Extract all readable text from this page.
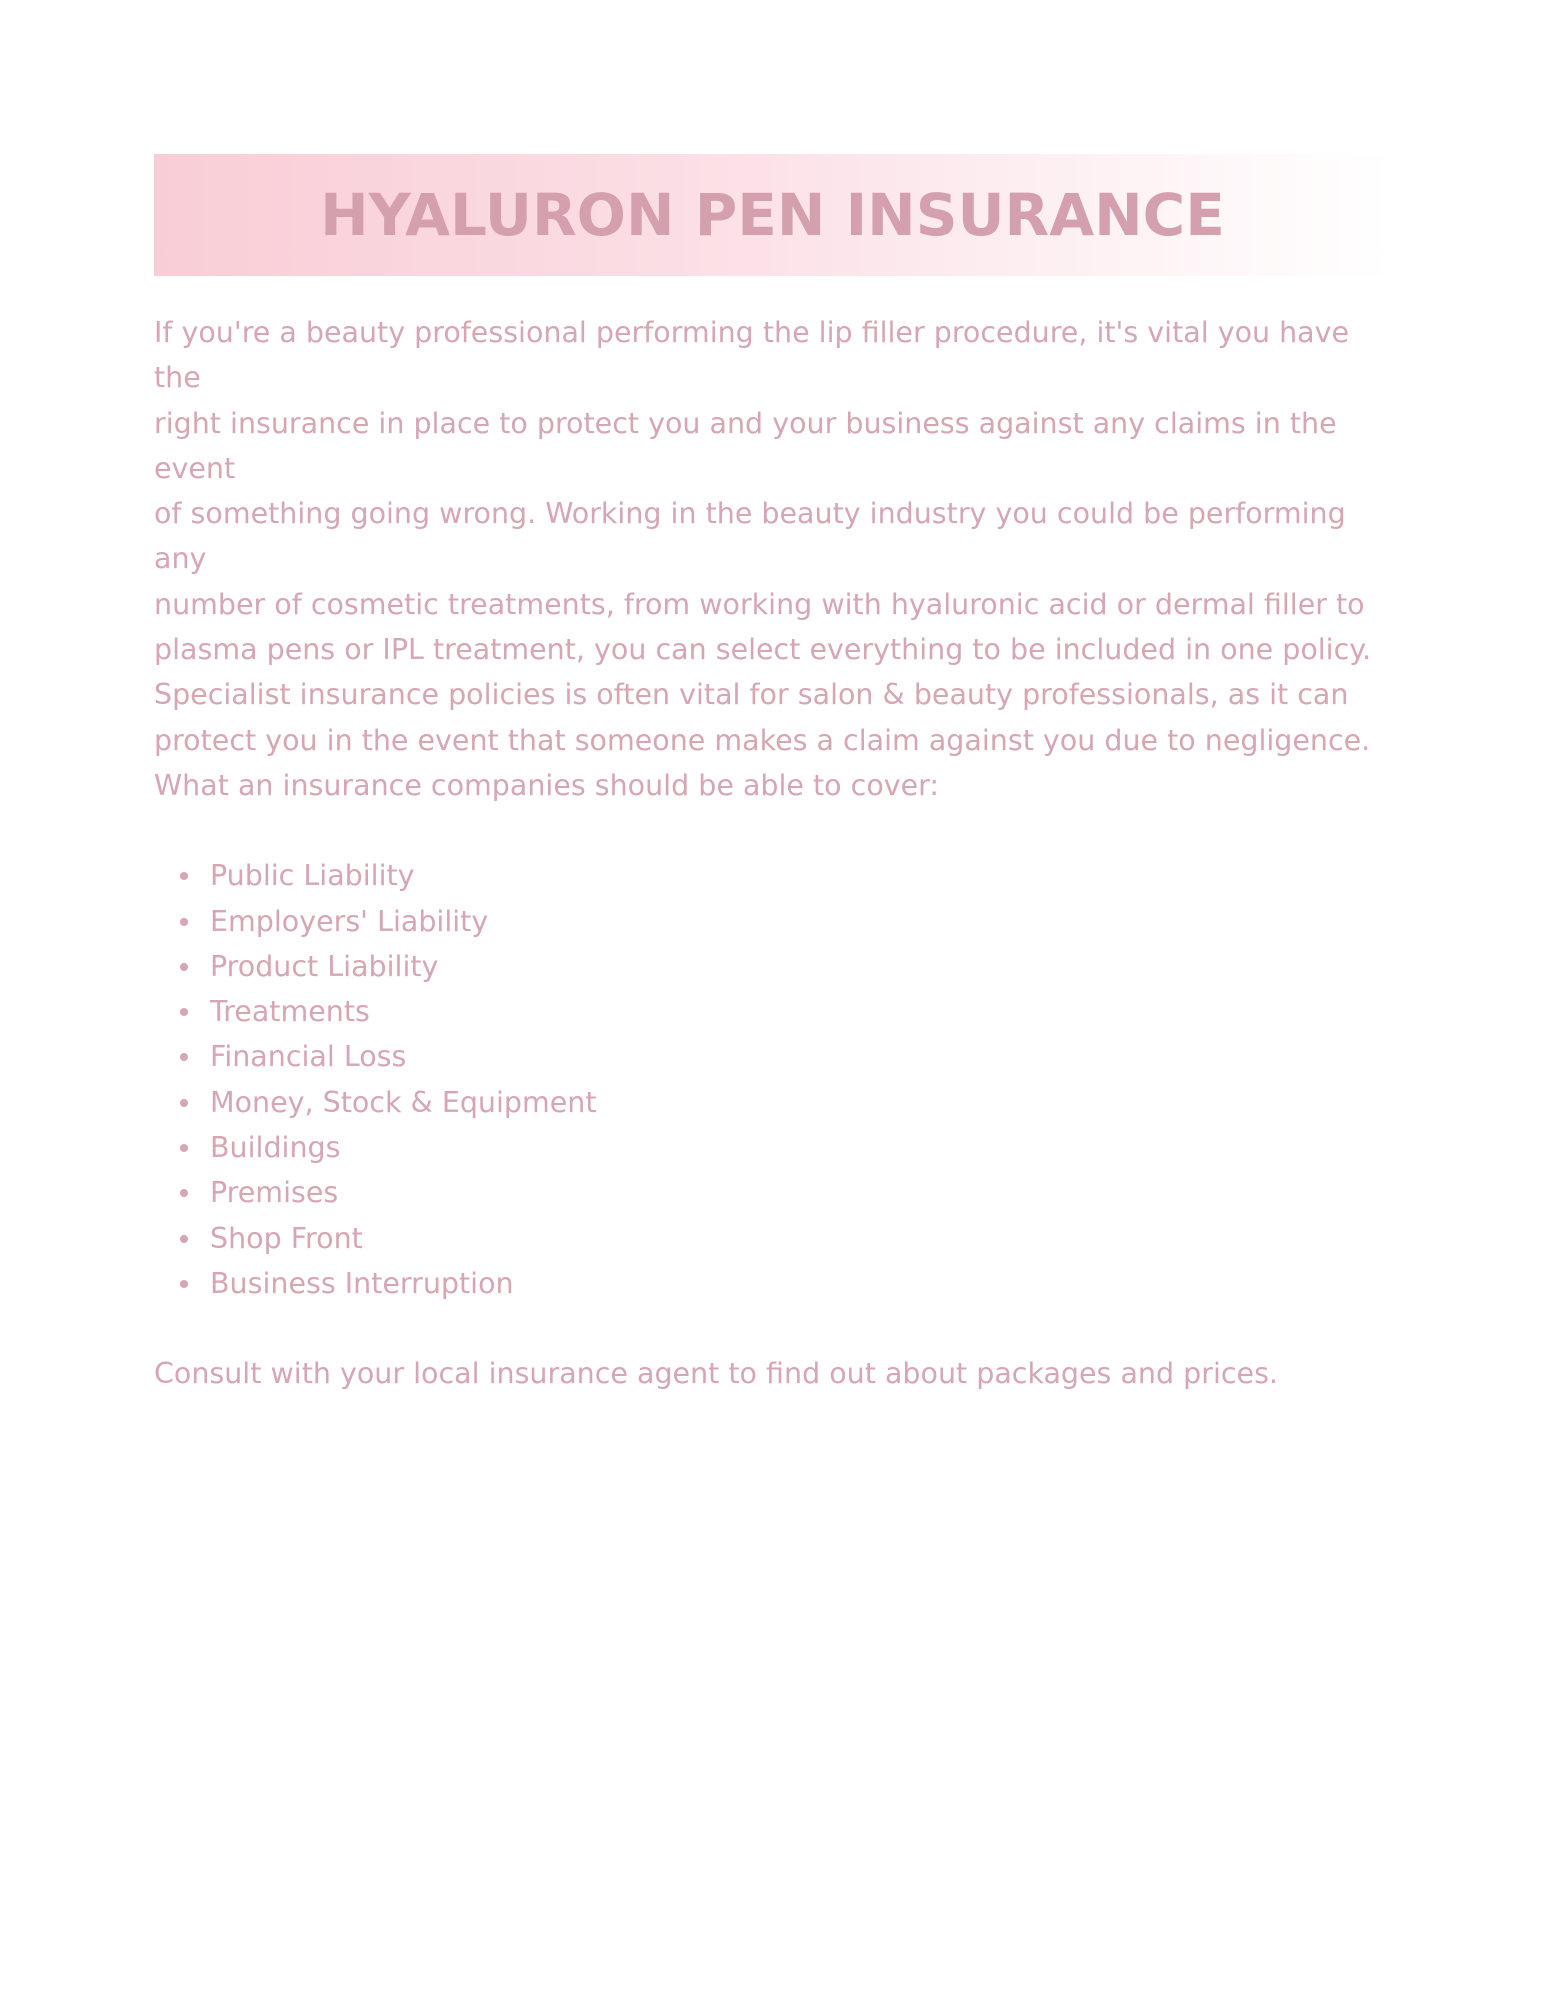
HYALURON PEN INSURANCE

If you're a beauty professional performing the lip filler procedure, it's vital you have the
right insurance in place to protect you and your business against any claims in the event
of something going wrong. Working in the beauty industry you could be performing any
number of cosmetic treatments, from working with hyaluronic acid or dermal filler to
plasma pens or IPL treatment, you can select everything to be included in one policy.
Specialist insurance policies is often vital for salon & beauty professionals, as it can
protect you in the event that someone makes a claim against you due to negligence.
What an insurance companies should be able to cover:

Public Liability
Employers' Liability
Product Liability
Treatments
Financial Loss
Money, Stock & Equipment
Buildings
Premises
Shop Front
Business Interruption

Consult with your local insurance agent to find out about packages and prices.
